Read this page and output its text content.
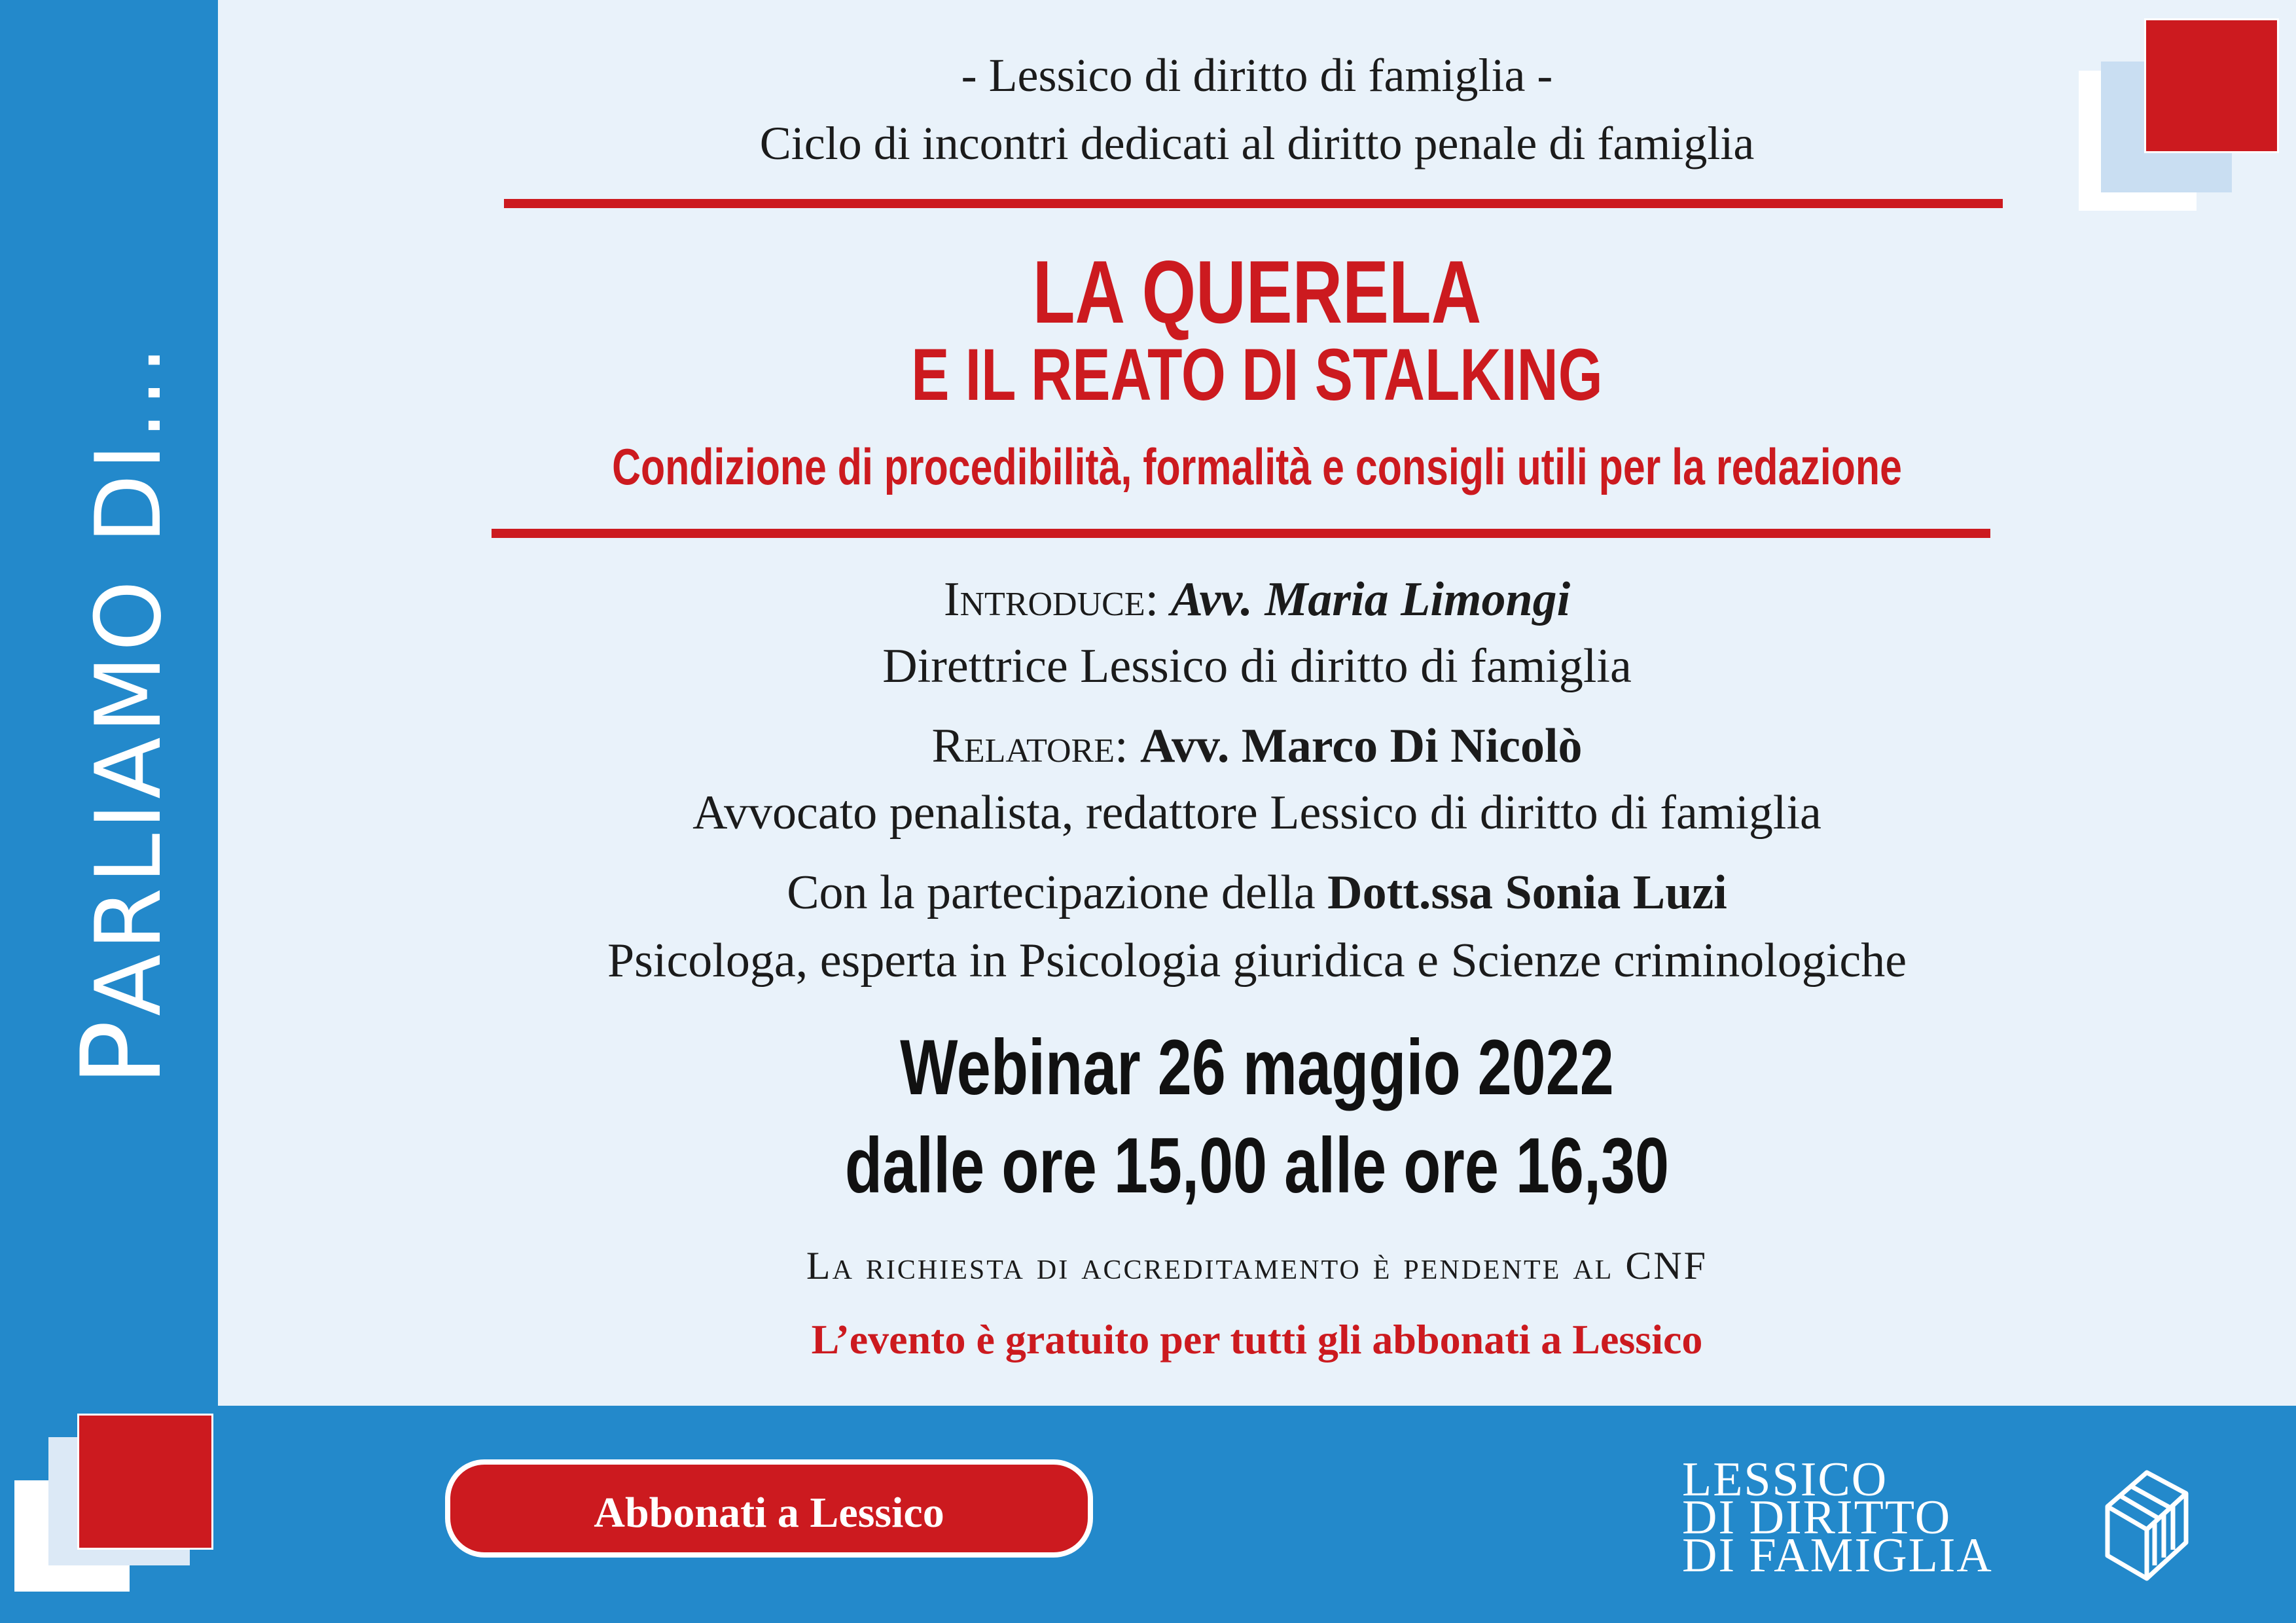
PARLIAMO DI...
- Lessico di diritto di famiglia -
Ciclo di incontri dedicati al diritto penale di famiglia
LA QUERELA
E IL REATO DI STALKING
Condizione di procedibilità, formalità e consigli utili per la redazione
Introduce: Avv. Maria Limongi
Direttrice Lessico di diritto di famiglia
Relatore: Avv. Marco Di Nicolò
Avvocato penalista, redattore Lessico di diritto di famiglia
Con la partecipazione della Dott.ssa Sonia Luzi
Psicologa, esperta in Psicologia giuridica e Scienze criminologiche
Webinar 26 maggio 2022
dalle ore 15,00 alle ore 16,30
La richiesta di accreditamento è pendente al CNF
L’evento è gratuito per tutti gli abbonati a Lessico
Abbonati a Lessico
LESSICO
DI DIRITTO
DI FAMIGLIA
